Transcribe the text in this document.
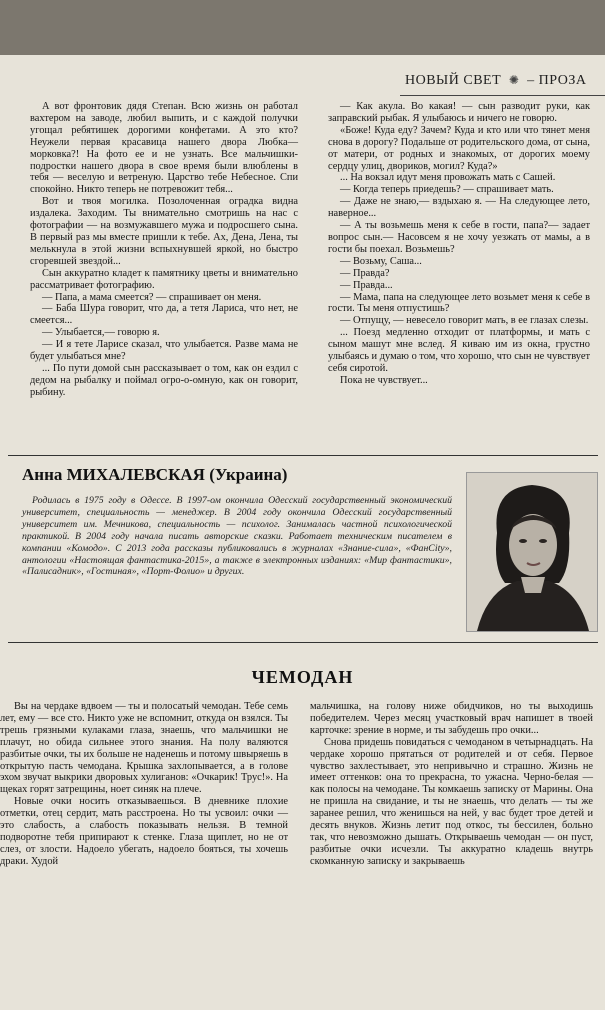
НОВЫЙ СВЕТ ✺ – ПРОЗА

А вот фронтовик дядя Степан. Всю жизнь он работал вахтером на заводе, любил выпить, и с каждой получки угощал ребятишек дорогими конфетами. А это кто? Неужели первая красавица нашего двора Любка—морковка?! На фото ее и не узнать. Все мальчишки-подростки нашего двора в свое время были влюблены в тебя — веселую и ветреную. Царство тебе Небесное. Спи спокойно. Никто теперь не потревожит тебя...

Вот и твоя могилка. Позолоченная оградка видна издалека. Заходим. Ты внимательно смотришь на нас с фотографии — на возмужавшего мужа и подросшего сына. В первый раз мы вместе пришли к тебе. Ах, Дена, Лена, ты мелькнула в этой жизни вспыхнувшей яркой, но быстро сгоревшей звездой...

Сын аккуратно кладет к памятнику цветы и внимательно рассматривает фотографию.

— Папа, а мама смеется? — спрашивает он меня.

— Баба Шура говорит, что да, а тетя Лариса, что нет, не смеется...

— Улыбается,— говорю я.

— И я тете Ларисе сказал, что улыбается. Разве мама не будет улыбаться мне?

... По пути домой сын рассказывает о том, как он ездил с дедом на рыбалку и поймал огро-о-омную, как он говорит, рыбину.

— Как акула. Во какая! — сын разводит руки, как заправский рыбак. Я улыбаюсь и ничего не говорю.

«Боже! Куда еду? Зачем? Куда и кто или что тянет меня снова в дорогу? Подальше от родительского дома, от сына, от матери, от родных и знакомых, от дорогих моему сердцу улиц, двориков, могил? Куда?»

... На вокзал идут меня провожать мать с Сашей.

— Когда теперь приедешь? — спрашивает мать.

— Даже не знаю,— вздыхаю я. — На следующее лето, наверное...

— А ты возьмешь меня к себе в гости, папа?— задает вопрос сын.— Насовсем я не хочу уезжать от мамы, а в гости бы поехал. Возьмешь?

— Возьму, Саша...

— Правда?

— Правда...

— Мама, папа на следующее лето возьмет меня к себе в гости. Ты меня отпустишь?

— Отпущу, — невесело говорит мать, в ее глазах слезы.

... Поезд медленно отходит от платформы, и мать с сыном машут мне вслед. Я киваю им из окна, грустно улыбаясь и думаю о том, что хорошо, что сын не чувствует себя сиротой.

Пока не чувствует...

Анна МИХАЛЕВСКАЯ (Украина)

Родилась в 1975 году в Одессе. В 1997-ом окончила Одесский государственный экономический университет, специальность — менеджер. В 2004 году окончила Одесский государственный университет им. Мечникова, специальность — психолог. Занималась частной психологической практикой. В 2004 году начала писать авторские сказки. Работает техническим писателем в компании «Комодо». С 2013 года рассказы публиковались в журналах «Знание-сила», «ФанCity», антологии «Настоящая фантастика-2015», а также в электронных изданиях: «Мир фантастики», «Палисадник», «Гостиная», «Порт-Фолио» и других.

ЧЕМОДАН

Вы на чердаке вдвоем — ты и полосатый чемодан. Тебе семь лет, ему — все сто. Никто уже не вспомнит, откуда он взялся. Ты трешь грязными кулаками глаза, знаешь, что мальчишки не плачут, но обида сильнее этого знания. На полу валяются разбитые очки, ты их больше не наденешь и потому швыряешь в открытую пасть чемодана. Крышка захлопывается, а в голове эхом звучат выкрики дворовых хулиганов: «Очкарик! Трус!». На щеках горят затрещины, ноет синяк на плече.

Новые очки носить отказываешься. В дневнике плохие отметки, отец сердит, мать расстроена. Но ты усвоил: очки — это слабость, а слабость показывать нельзя. В темной подворотне тебя припирают к стенке. Глаза щиплет, но не от слез, от злости. Надоело убегать, надоело бояться, ты хочешь драки. Худой

мальчишка, на голову ниже обидчиков, но ты выходишь победителем. Через месяц участковый врач напишет в твоей карточке: зрение в норме, и ты забудешь про очки...

Снова придешь повидаться с чемоданом в четырнадцать. На чердаке хорошо прятаться от родителей и от себя. Первое чувство захлестывает, это непривычно и страшно. Жизнь не имеет оттенков: она то прекрасна, то ужасна. Черно-белая — как полосы на чемодане. Ты комкаешь записку от Марины. Она не пришла на свидание, и ты не знаешь, что делать — ты же заранее решил, что женишься на ней, у вас будет трое детей и десять внуков. Жизнь летит под откос, ты бессилен, больно так, что невозможно дышать. Открываешь чемодан — он пуст, разбитые очки исчезли. Ты аккуратно кладешь внутрь скомканную записку и закрываешь
